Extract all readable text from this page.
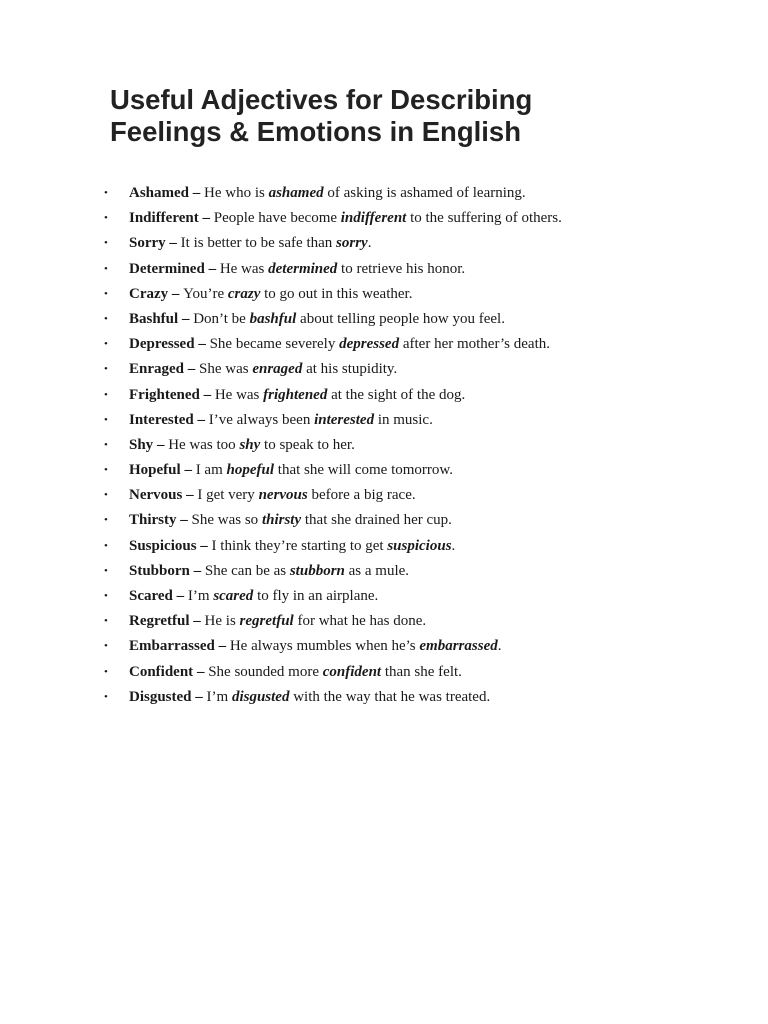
Useful Adjectives for Describing
Feelings & Emotions in English
• Ashamed – He who is ashamed of asking is ashamed of learning.
• Indifferent – People have become indifferent to the suffering of others.
• Sorry – It is better to be safe than sorry.
• Determined – He was determined to retrieve his honor.
• Crazy – You’re crazy to go out in this weather.
• Bashful – Don’t be bashful about telling people how you feel.
• Depressed – She became severely depressed after her mother’s death.
• Enraged – She was enraged at his stupidity.
• Frightened – He was frightened at the sight of the dog.
• Interested – I’ve always been interested in music.
• Shy – He was too shy to speak to her.
• Hopeful – I am hopeful that she will come tomorrow.
• Nervous – I get very nervous before a big race.
• Thirsty – She was so thirsty that she drained her cup.
• Suspicious – I think they’re starting to get suspicious.
• Stubborn – She can be as stubborn as a mule.
• Scared – I’m scared to fly in an airplane.
• Regretful – He is regretful for what he has done.
• Embarrassed – He always mumbles when he’s embarrassed.
• Confident – She sounded more confident than she felt.
• Disgusted – I’m disgusted with the way that he was treated.
